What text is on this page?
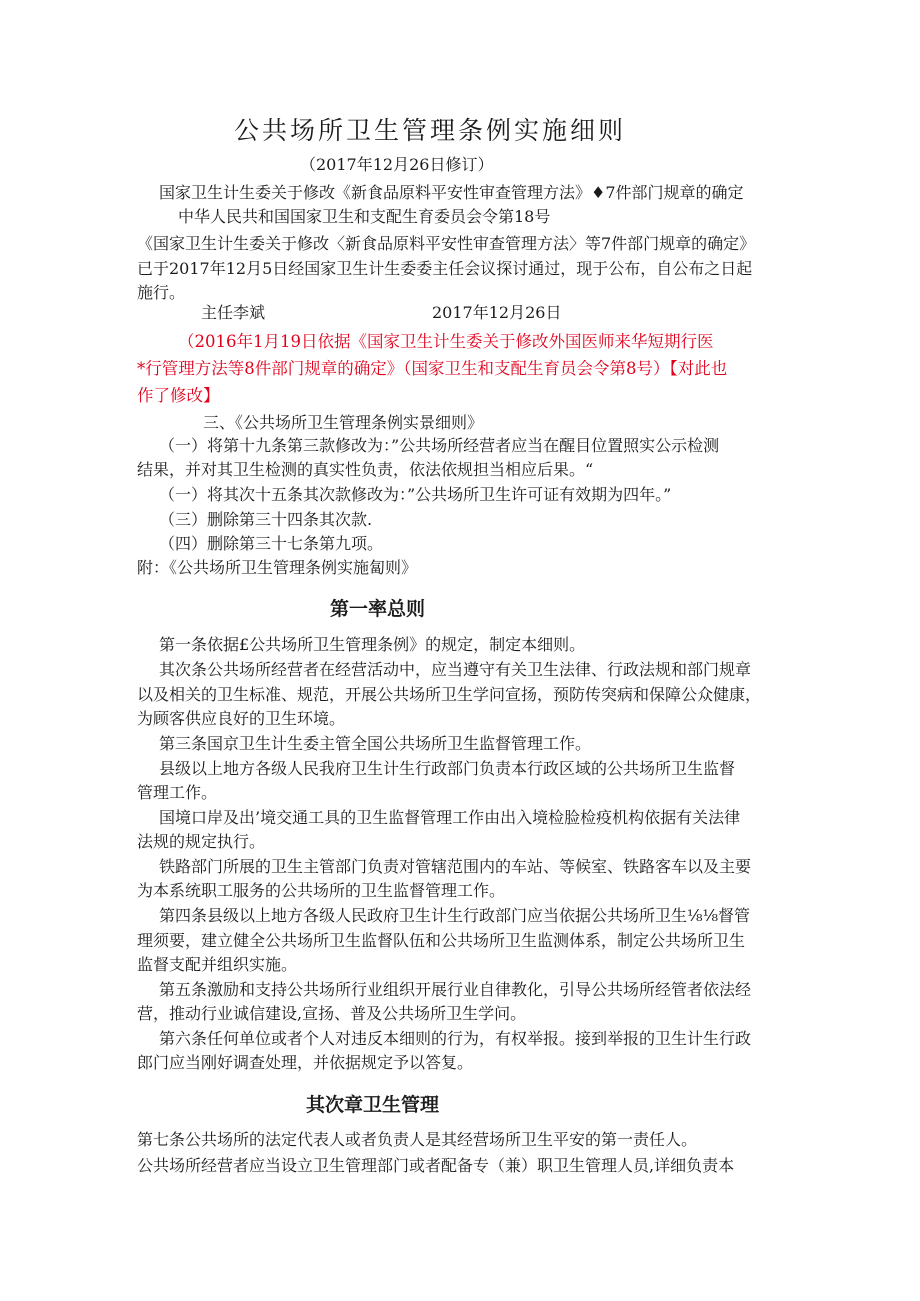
公共场所卫生管理条例实施细则
（2017年12月26日修订）
国家卫生计生委关于修改《新食品原料平安性审查管理方法》♦7件部门规章的确定
中华人民共和国国家卫生和支配生育委员会令第18号
《国家卫生计生委关于修改〈新食品原料平安性审查管理方法〉等7件部门规章的确定》
已于2017年12月5日经国家卫生计生委委主任会议探讨通过，现于公布，自公布之日起
施行。
主任李斌	2017年12月26日
（2016年1月19日依据《国家卫生计生委关于修改外国医师来华短期行医
*行管理方法等8件部门规章的确定》（国家卫生和支配生育员会令第8号）【对此也
作了修改】
三、《公共场所卫生管理条例实景细则》
（一）将第十九条第三款修改为：”公共场所经营者应当在醒目位置照实公示检测
结果，并对其卫生检测的真实性负责，依法依规担当相应后果。“
（一）将其次十五条其次款修改为：”公共场所卫生许可证有效期为四年。”
（三）删除第三十四条其次款.
（四）删除第三十七条第九项。
附：《公共场所卫生管理条例实施匐则》
第一率总则
第一条依据£公共场所卫生管理条例》的规定，制定本细则。
其次条公共场所经营者在经营活动中，应当遵守有关卫生法律、行政法规和部门规章
以及相关的卫生标准、规范，开展公共场所卫生学问宣扬，预防传突病和保障公众健康，
为顾客供应良好的卫生环境。
第三条国京卫生计生委主管全国公共场所卫生监督管理工作。
县级以上地方各级人民我府卫生计生行政部门负责本行政区域的公共场所卫生监督
管理工作。
国境口岸及出’境交通工具的卫生监督管理工作由出入境检脸检疫机构依据有关法律
法规的规定执行。
铁路部门所展的卫生主管部门负责对管辖范围内的车站、等候室、铁路客车以及主要
为本系统职工服务的公共场所的卫生监督管理工作。
第四条县级以上地方各级人民政府卫生计生行政部门应当依据公共场所卫生⅛⅛督管
理须要，建立健全公共场所卫生监督队伍和公共场所卫生监测体系，制定公共场所卫生
监督支配并组织实施。
第五条激励和支持公共场所行业组织开展行业自律教化，引导公共场所经管者依法经
营，推动行业诚信建设,宣扬、普及公共场所卫生学问。
第六条任何单位或者个人对违反本细则的行为，有权举报。接到举报的卫生计生行政
郎门应当刚好调查处理，并依据规定予以答复。
其次章卫生管理
第七条公共场所的法定代表人或者负责人是其经营场所卫生平安的第一责任人。
公共场所经营者应当设立卫生管理部门或者配备专（兼）职卫生管理人员,详细负责本
